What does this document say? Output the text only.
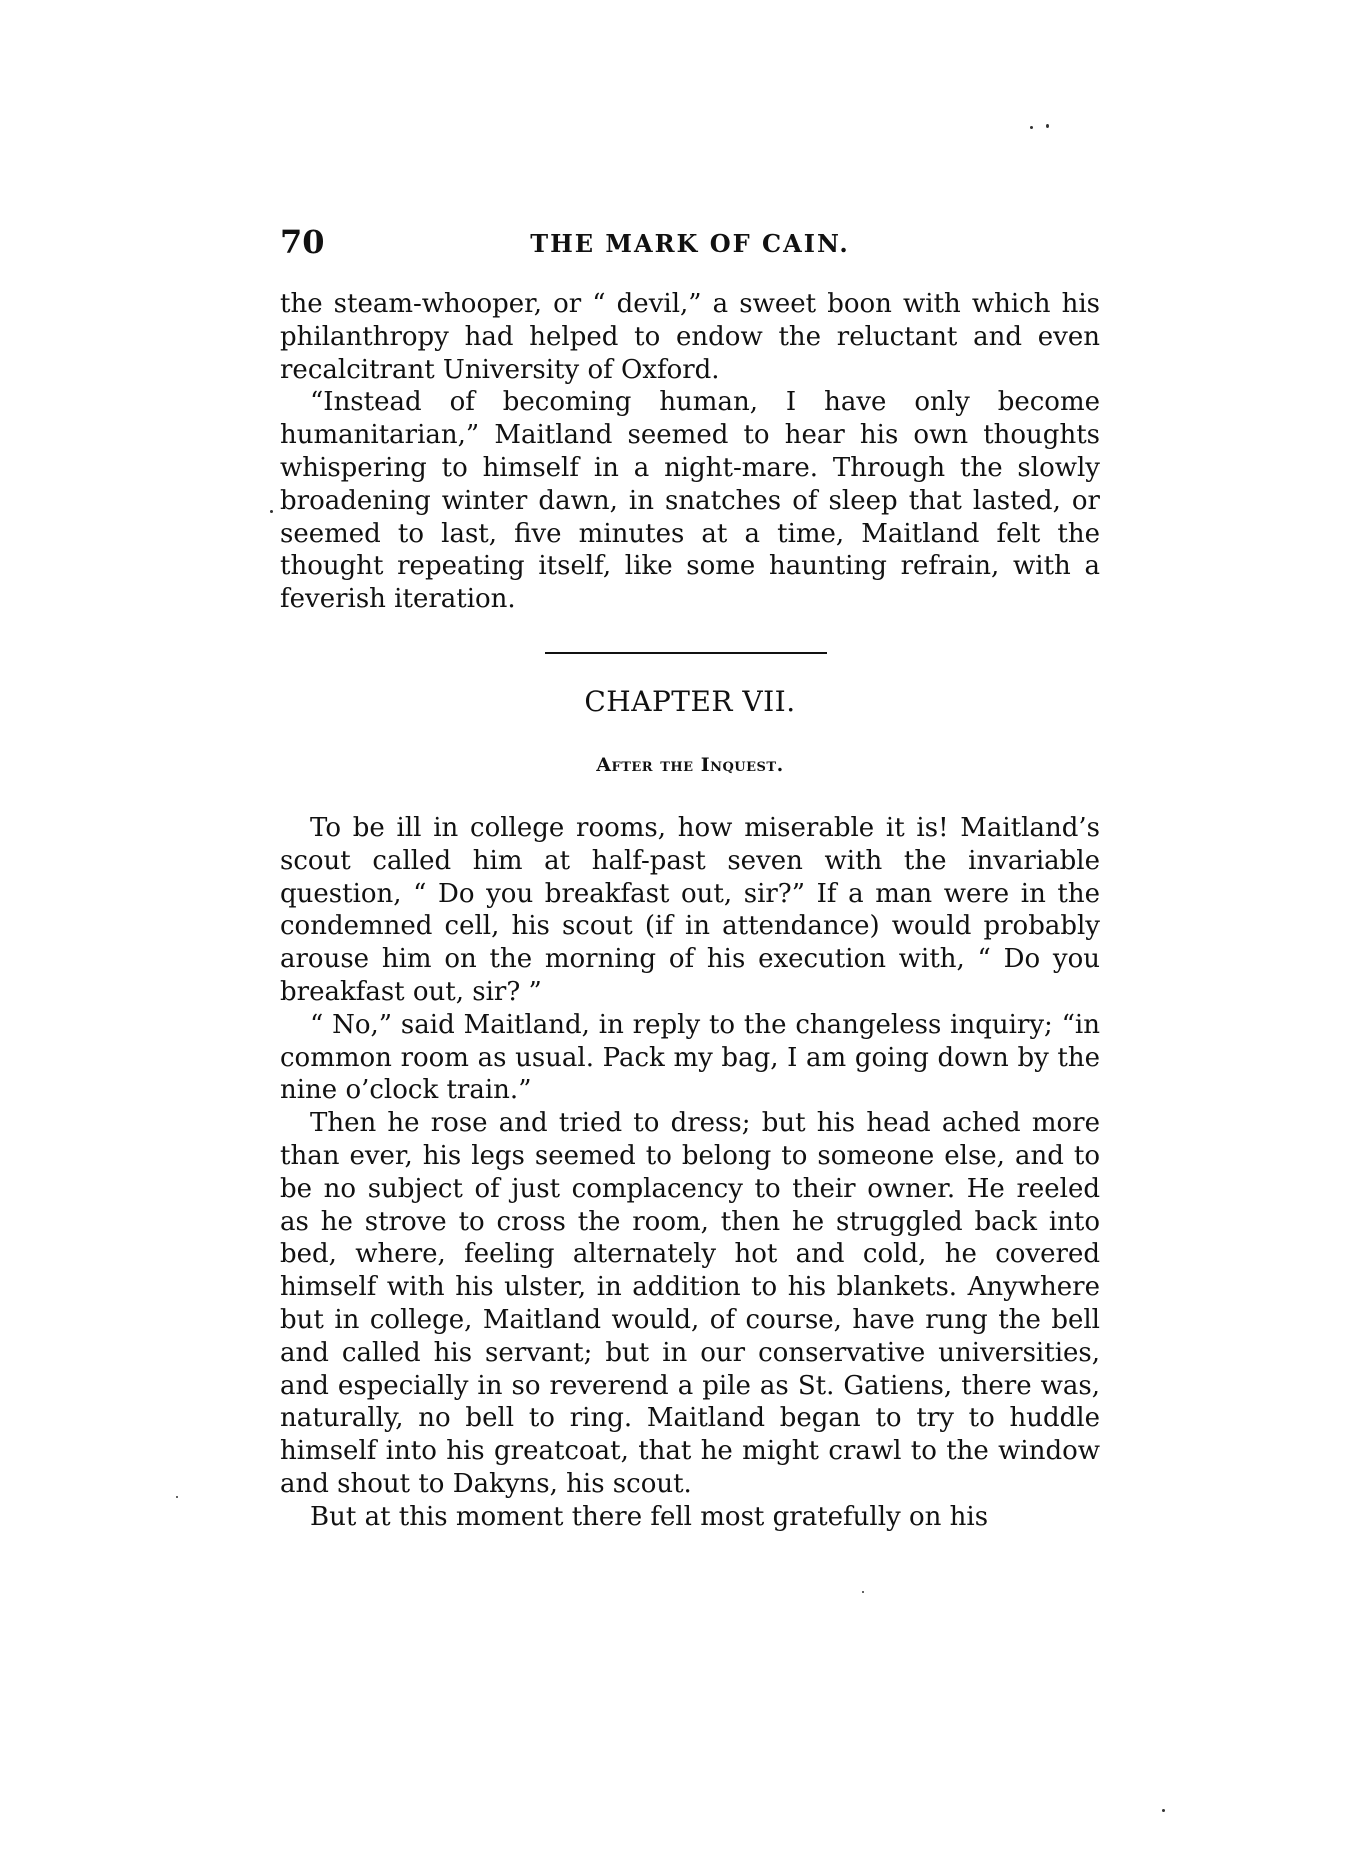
70	THE MARK OF CAIN.

the steam-whooper, or “ devil,” a sweet boon with which his philanthropy had helped to endow the reluctant and even recalcitrant University of Oxford.

“Instead of becoming human, I have only become humanitarian,” Maitland seemed to hear his own thoughts whispering to himself in a night-mare. Through the slowly broadening winter dawn, in snatches of sleep that lasted, or seemed to last, five minutes at a time, Maitland felt the thought repeating itself, like some haunting refrain, with a feverish iteration.

CHAPTER VII.
After the Inquest.

To be ill in college rooms, how miserable it is! Maitland’s scout called him at half-past seven with the invariable question, “ Do you breakfast out, sir?” If a man were in the condemned cell, his scout (if in attendance) would probably arouse him on the morning of his execution with, “ Do you breakfast out, sir? ”

“ No,” said Maitland, in reply to the changeless inquiry; “in common room as usual. Pack my bag, I am going down by the nine o’clock train.”

Then he rose and tried to dress; but his head ached more than ever, his legs seemed to belong to someone else, and to be no subject of just complacency to their owner. He reeled as he strove to cross the room, then he struggled back into bed, where, feeling alternately hot and cold, he covered himself with his ulster, in addition to his blankets. Anywhere but in college, Maitland would, of course, have rung the bell and called his servant; but in our conservative universities, and especially in so reverend a pile as St. Gatiens, there was, naturally, no bell to ring. Maitland began to try to huddle himself into his greatcoat, that he might crawl to the window and shout to Dakyns, his scout.

But at this moment there fell most gratefully on his
